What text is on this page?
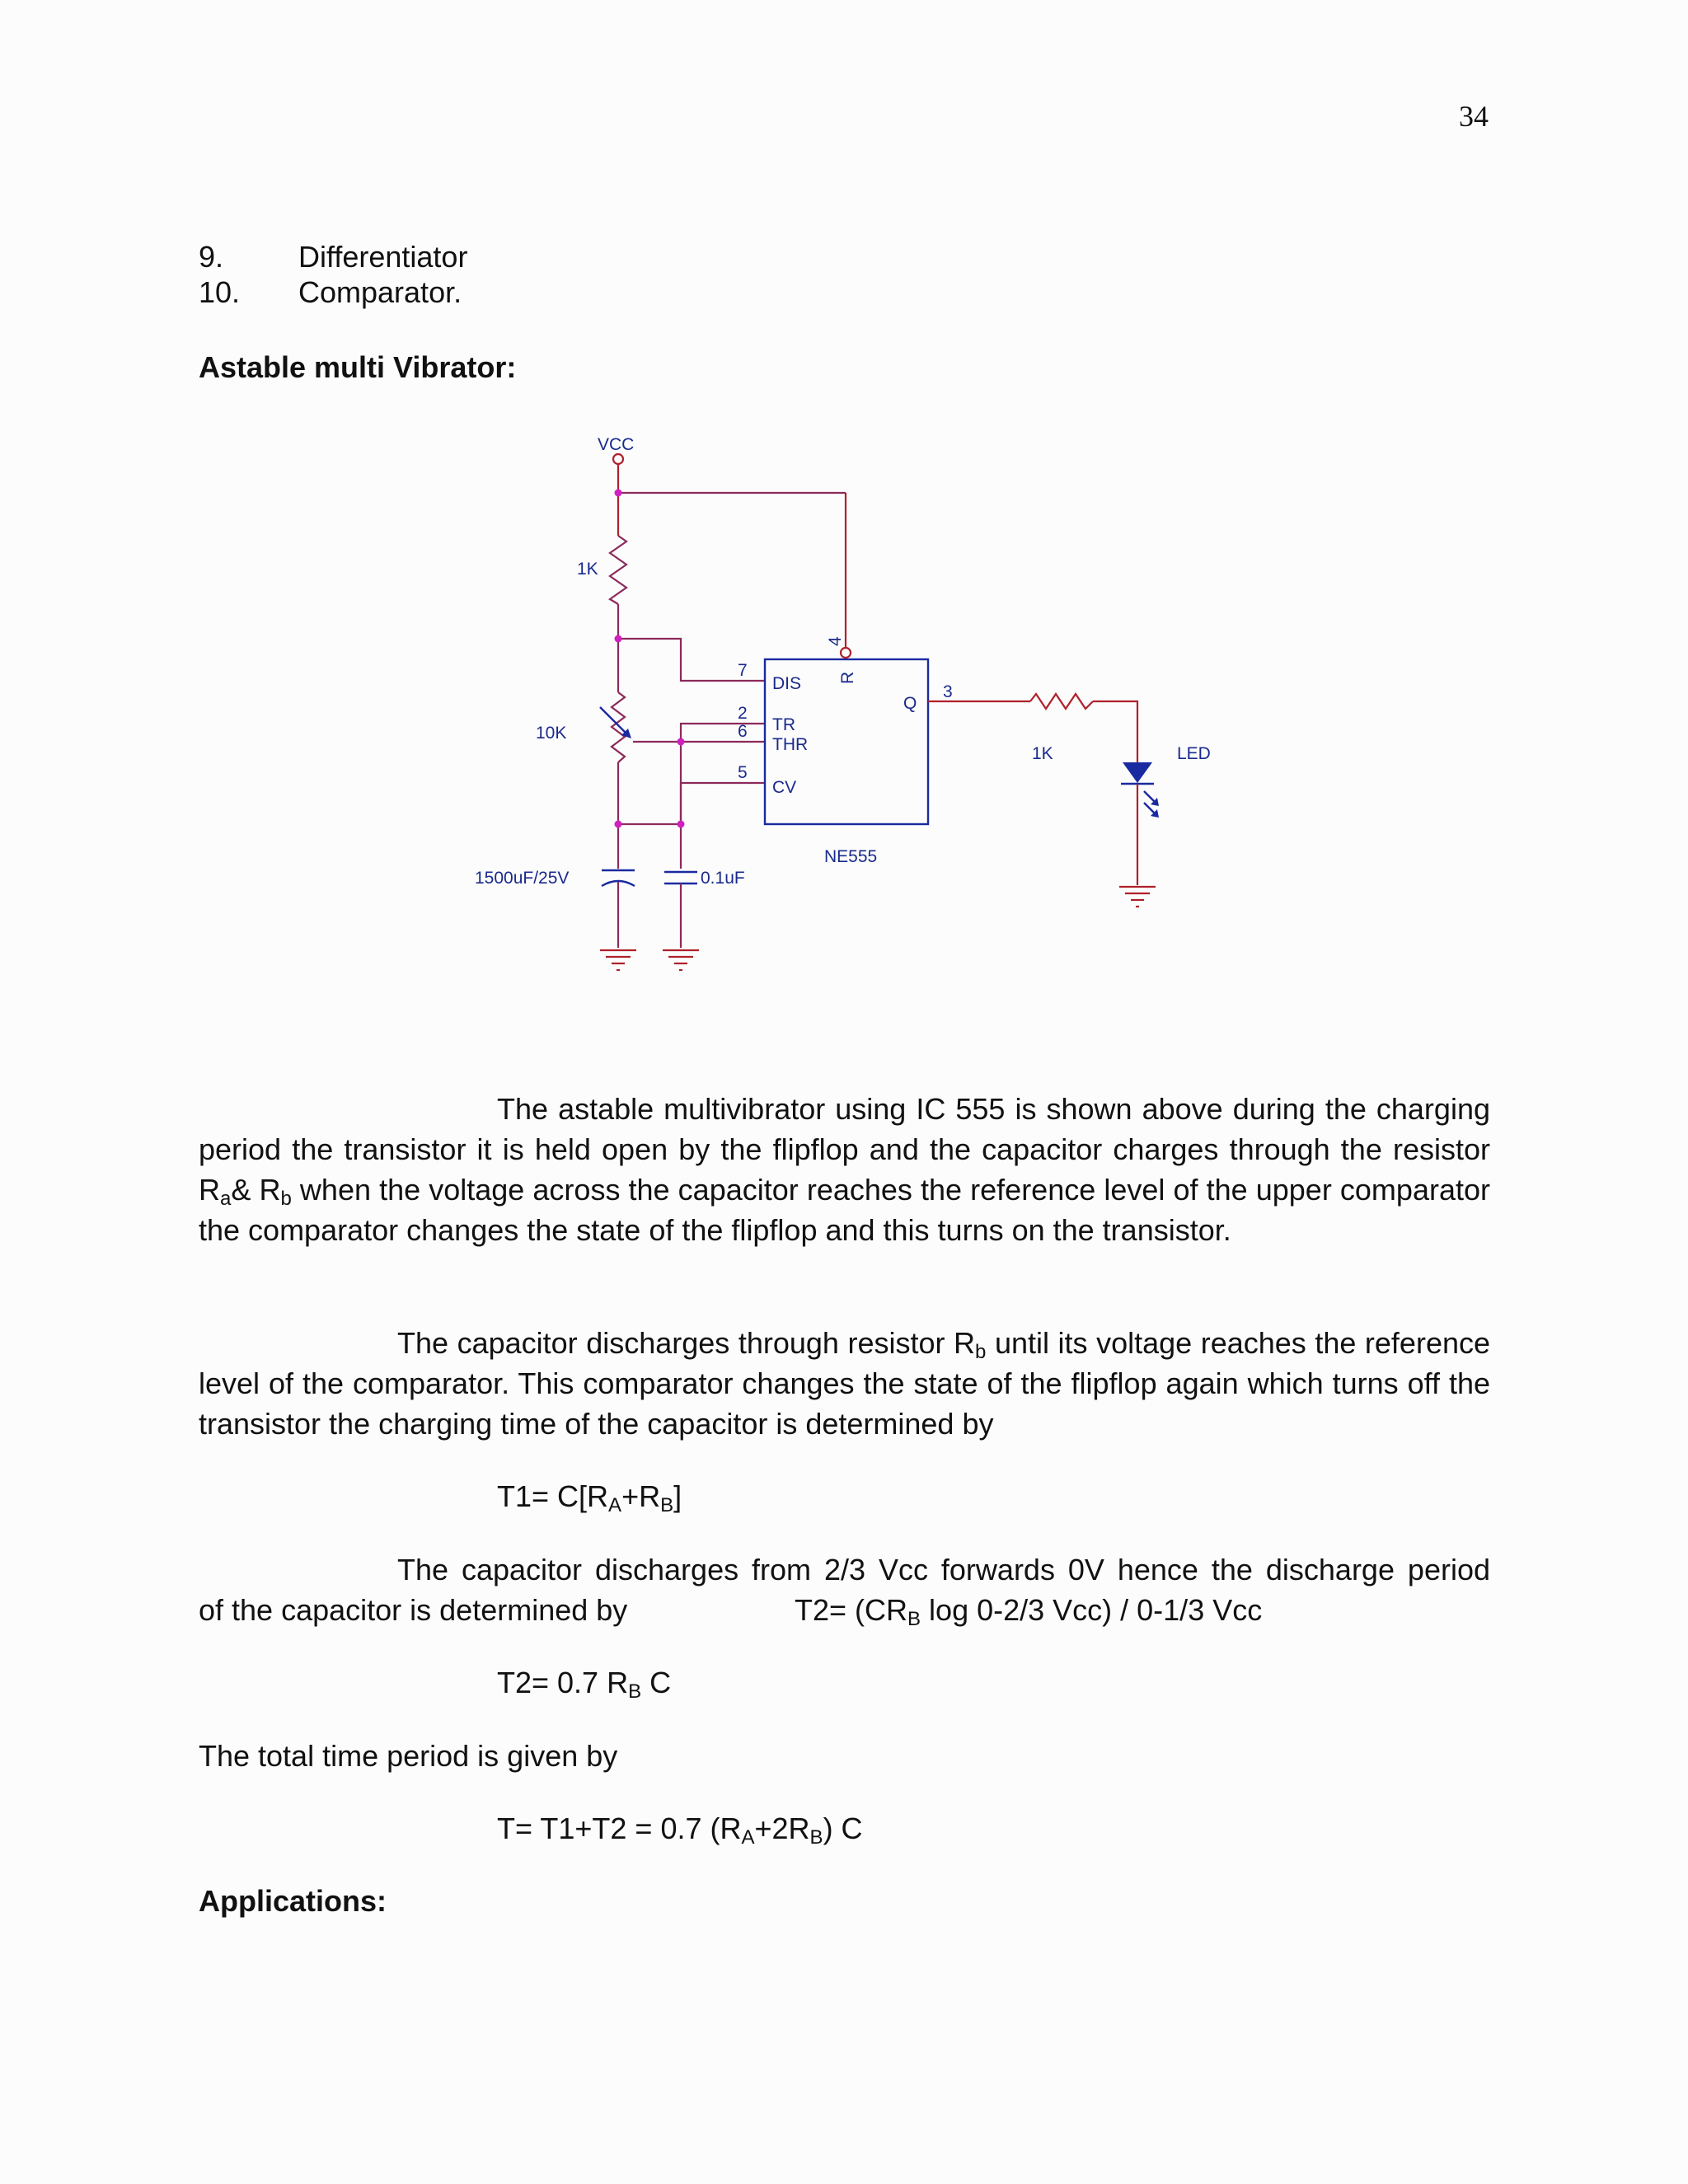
34
9.	Differentiator
10. Comparator.
Astable multi Vibrator:
VCC
1K
10K
1500uF/25V	0.1uF
DIS
TR
THR
CV
Q
R
NE555
7
2
6
5
4
3
1K	LED
The astable multivibrator using IC 555 is shown above during the charging period the transistor it is held open by the flipflop and the capacitor charges through the resistor $R_a\&$ $R_b$ when the voltage across the capacitor reaches the reference level of the upper comparator the comparator changes the state of the flipflop and this turns on the transistor.
The capacitor discharges through resistor $R_b$ until its voltage reaches the reference level of the comparator. This comparator changes the state of the flipflop again which turns off the transistor the charging time of the capacitor is determined by
$T1= C[R_A+R_B]$
The capacitor discharges from 2/3 Vcc forwards 0V hence the discharge period
of the capacitor is determined by	$T2= (CR_B$ log 0-2/3 Vcc) / 0-1/3 Vcc
T2= 0.7 $R_B$ C
The total time period is given by
T= T1+T2 = 0.7 $(R_A+2R_B)$ C
Applications:
